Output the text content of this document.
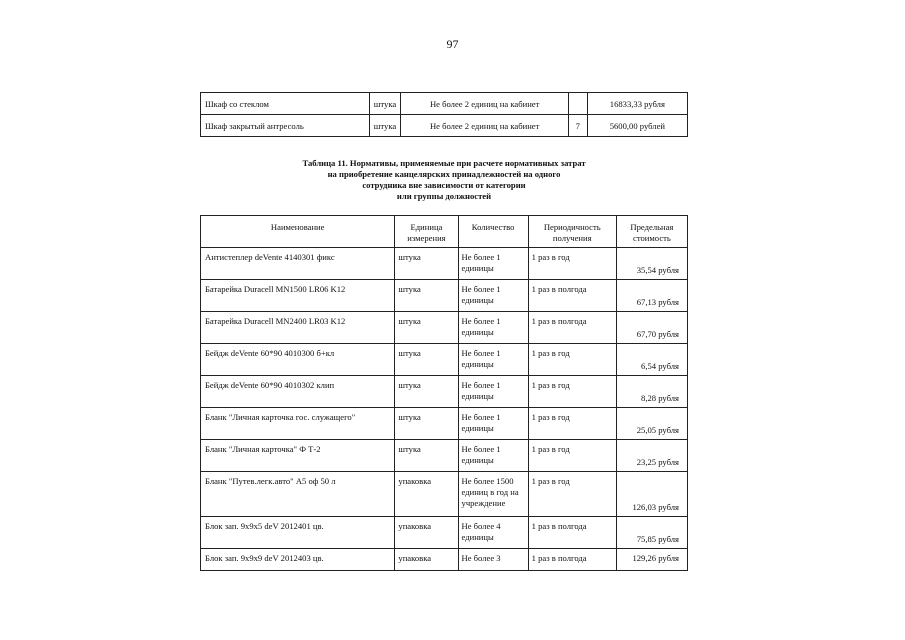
97
Шкаф со стеклом	штука	Не более 2 единиц на кабинет		16833,33 рубля
Шкаф закрытый антресоль	штука	Не более 2 единиц на кабинет	7	5600,00 рублей
Таблица 11. Нормативы, применяемые при расчете нормативных затрат
на приобретение канцелярских принадлежностей на одного
сотрудника вне зависимости от категории
или группы должностей
Наименование	Единица измерения	Количество	Периодичность получения	Предельная стоимость
Антистеплер deVente 4140301 фикс	штука	Не более 1 единицы	1 раз в год	35,54 рубля
Батарейка Duracell MN1500 LR06 K12	штука	Не более 1 единицы	1 раз в полгода	67,13 рубля
Батарейка Duracell MN2400 LR03 K12	штука	Не более 1 единицы	1 раз в полгода	67,70 рубля
Бейдж deVente 60*90 4010300 б+кл	штука	Не более 1 единицы	1 раз в год	6,54 рубля
Бейдж deVente 60*90 4010302 клип	штука	Не более 1 единицы	1 раз в год	8,28 рубля
Бланк "Личная карточка гос. служащего"	штука	Не более 1 единицы	1 раз в год	25,05 рубля
Бланк "Личная карточка" Ф Т-2	штука	Не более 1 единицы	1 раз в год	23,25 рубля
Бланк "Путев.легк.авто" А5 оф 50 л	упаковка	Не более 1500 единиц в год на учреждение	1 раз в год	126,03 рубля
Блок зап. 9х9х5 deV 2012401 цв.	упаковка	Не более 4 единицы	1 раз в полгода	75,85 рубля
Блок зап. 9х9х9 deV 2012403 цв.	упаковка	Не более 3	1 раз в полгода	129,26 рубля
